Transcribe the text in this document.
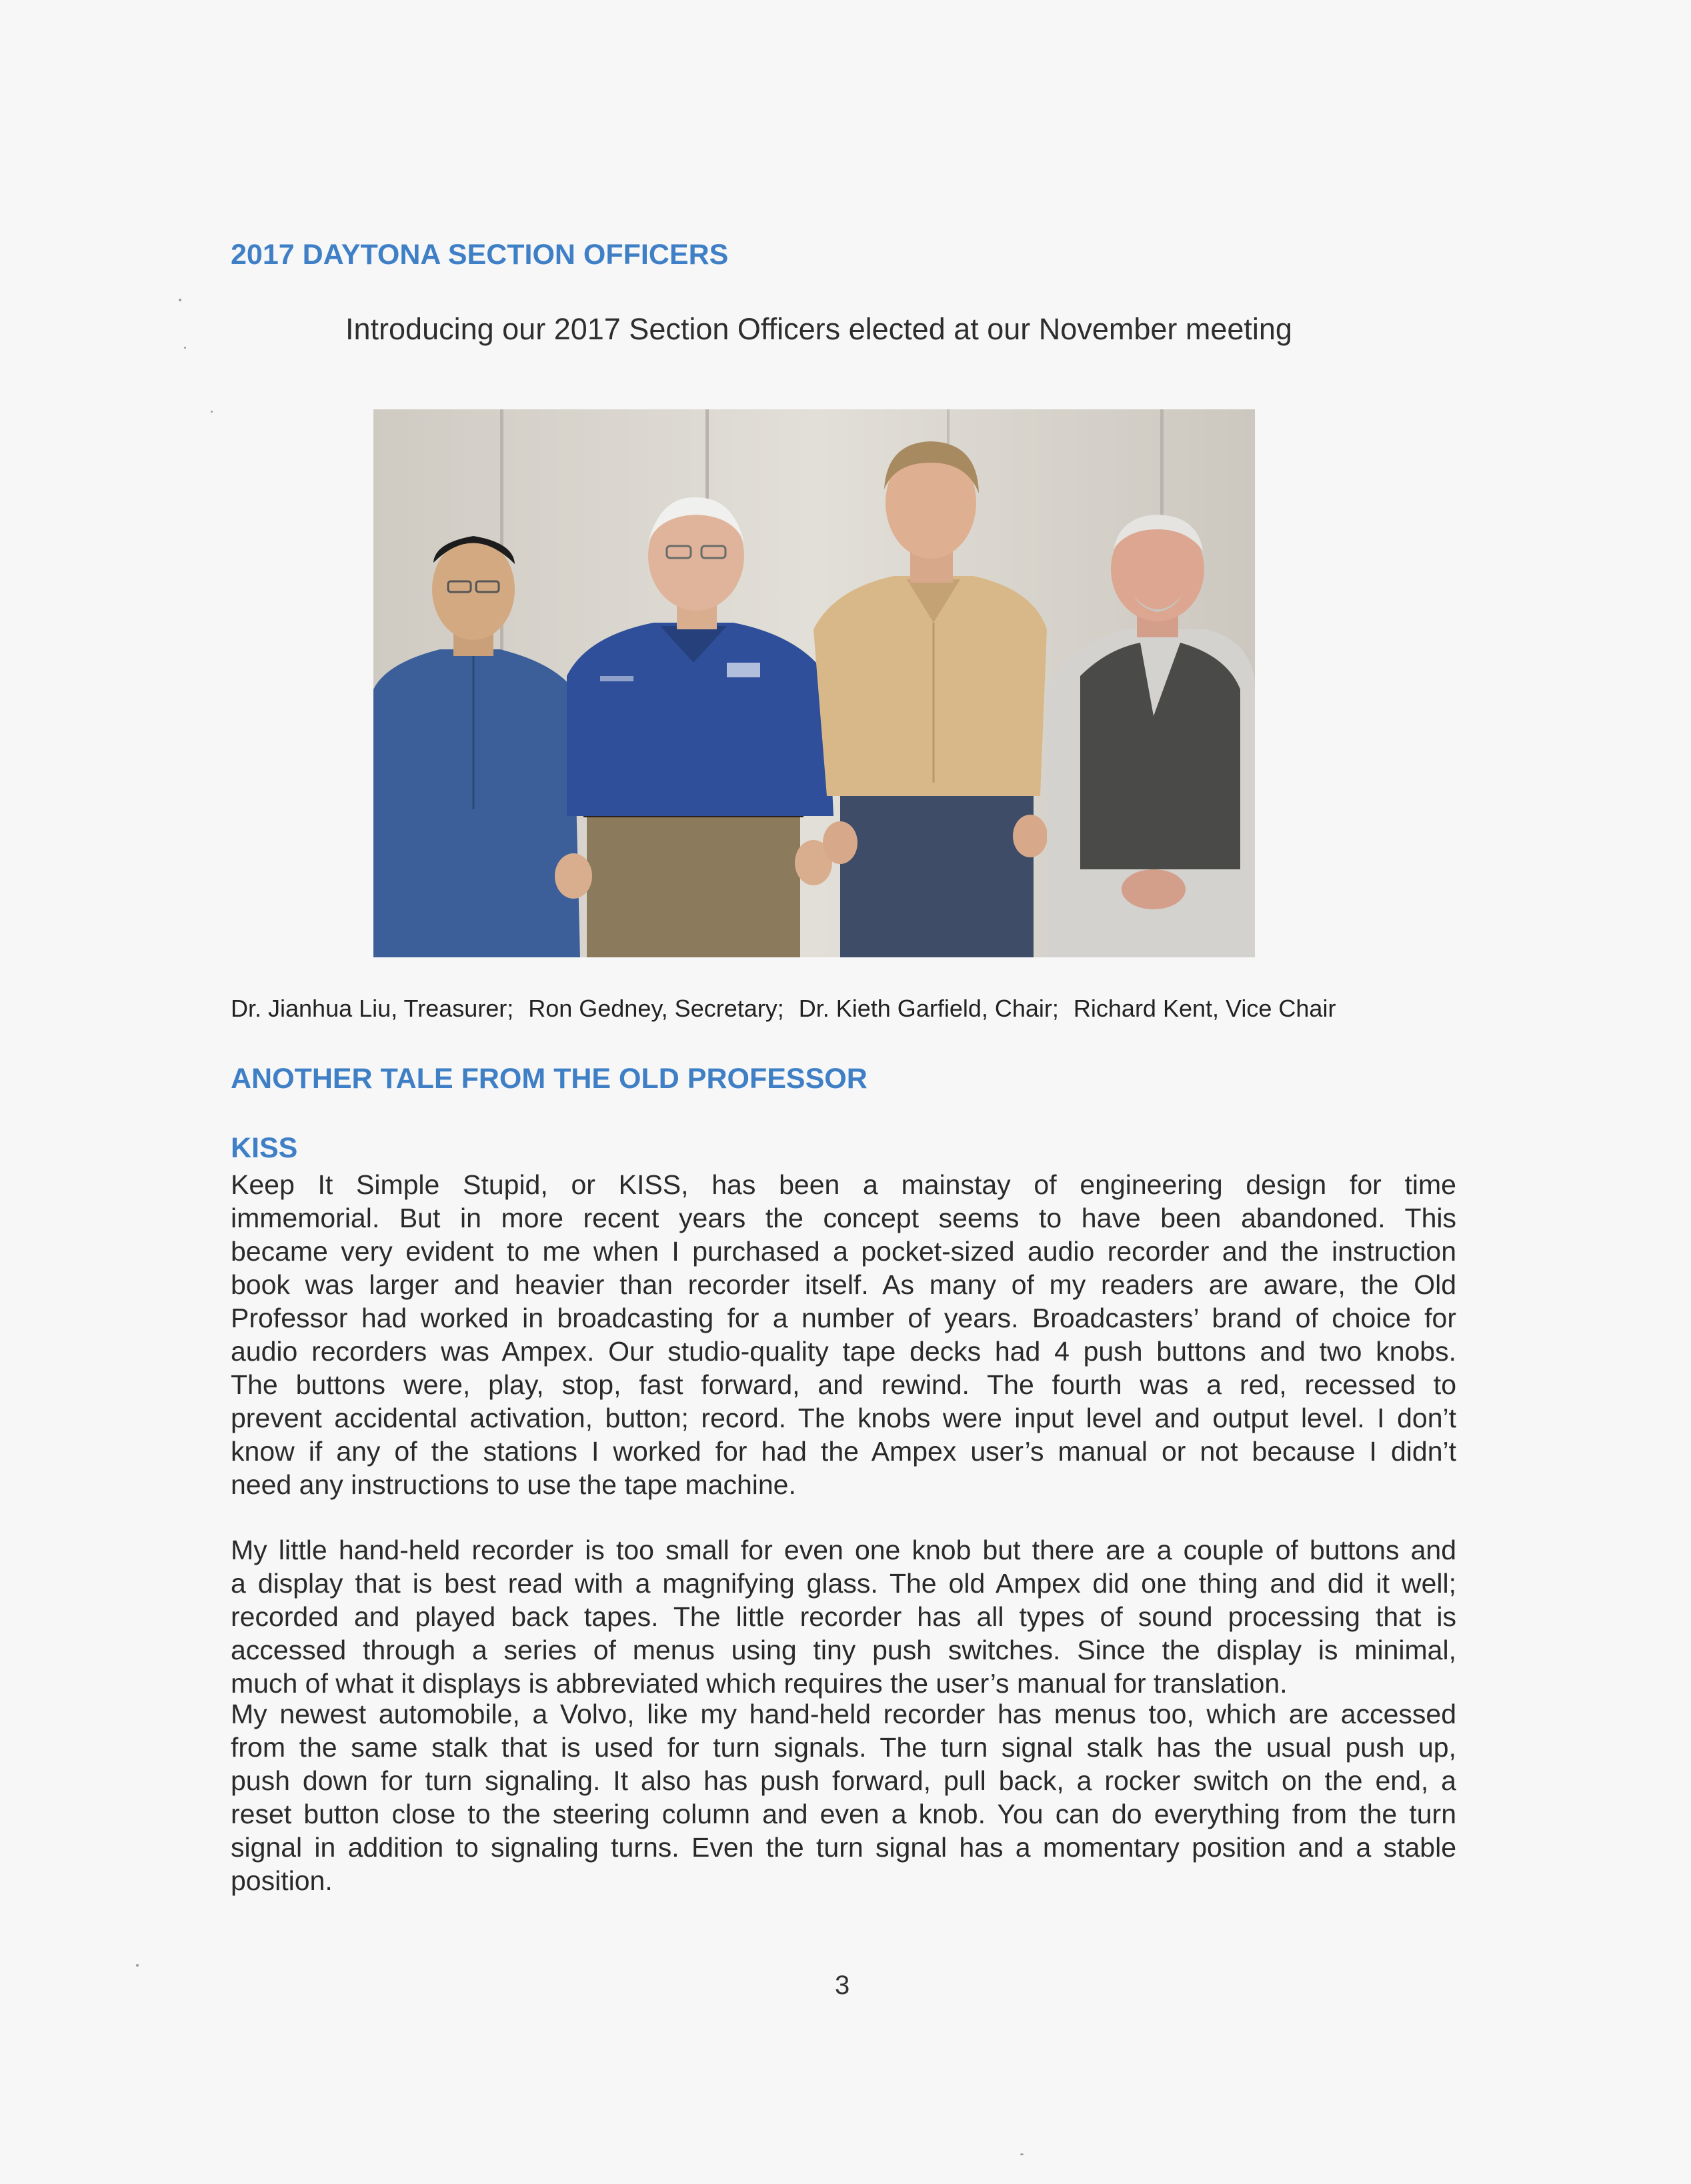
2017 DAYTONA SECTION OFFICERS

Introducing our 2017 Section Officers elected at our November meeting

Dr. Jianhua Liu, Treasurer; Ron Gedney, Secretary; Dr. Kieth Garfield, Chair; Richard Kent, Vice Chair

ANOTHER TALE FROM THE OLD PROFESSOR
KISS
Keep It Simple Stupid, or KISS, has been a mainstay of engineering design for time
immemorial. But in more recent years the concept seems to have been abandoned. This
became very evident to me when I purchased a pocket-sized audio recorder and the instruction
book was larger and heavier than recorder itself. As many of my readers are aware, the Old
Professor had worked in broadcasting for a number of years. Broadcasters’ brand of choice for
audio recorders was Ampex. Our studio-quality tape decks had 4 push buttons and two knobs.
The buttons were, play, stop, fast forward, and rewind. The fourth was a red, recessed to
prevent accidental activation, button; record. The knobs were input level and output level. I don’t
know if any of the stations I worked for had the Ampex user’s manual or not because I didn’t
need any instructions to use the tape machine.
My little hand-held recorder is too small for even one knob but there are a couple of buttons and
a display that is best read with a magnifying glass. The old Ampex did one thing and did it well;
recorded and played back tapes. The little recorder has all types of sound processing that is
accessed through a series of menus using tiny push switches. Since the display is minimal,
much of what it displays is abbreviated which requires the user’s manual for translation.
My newest automobile, a Volvo, like my hand-held recorder has menus too, which are accessed
from the same stalk that is used for turn signals. The turn signal stalk has the usual push up,
push down for turn signaling. It also has push forward, pull back, a rocker switch on the end, a
reset button close to the steering column and even a knob. You can do everything from the turn
signal in addition to signaling turns. Even the turn signal has a momentary position and a stable
position.

3
